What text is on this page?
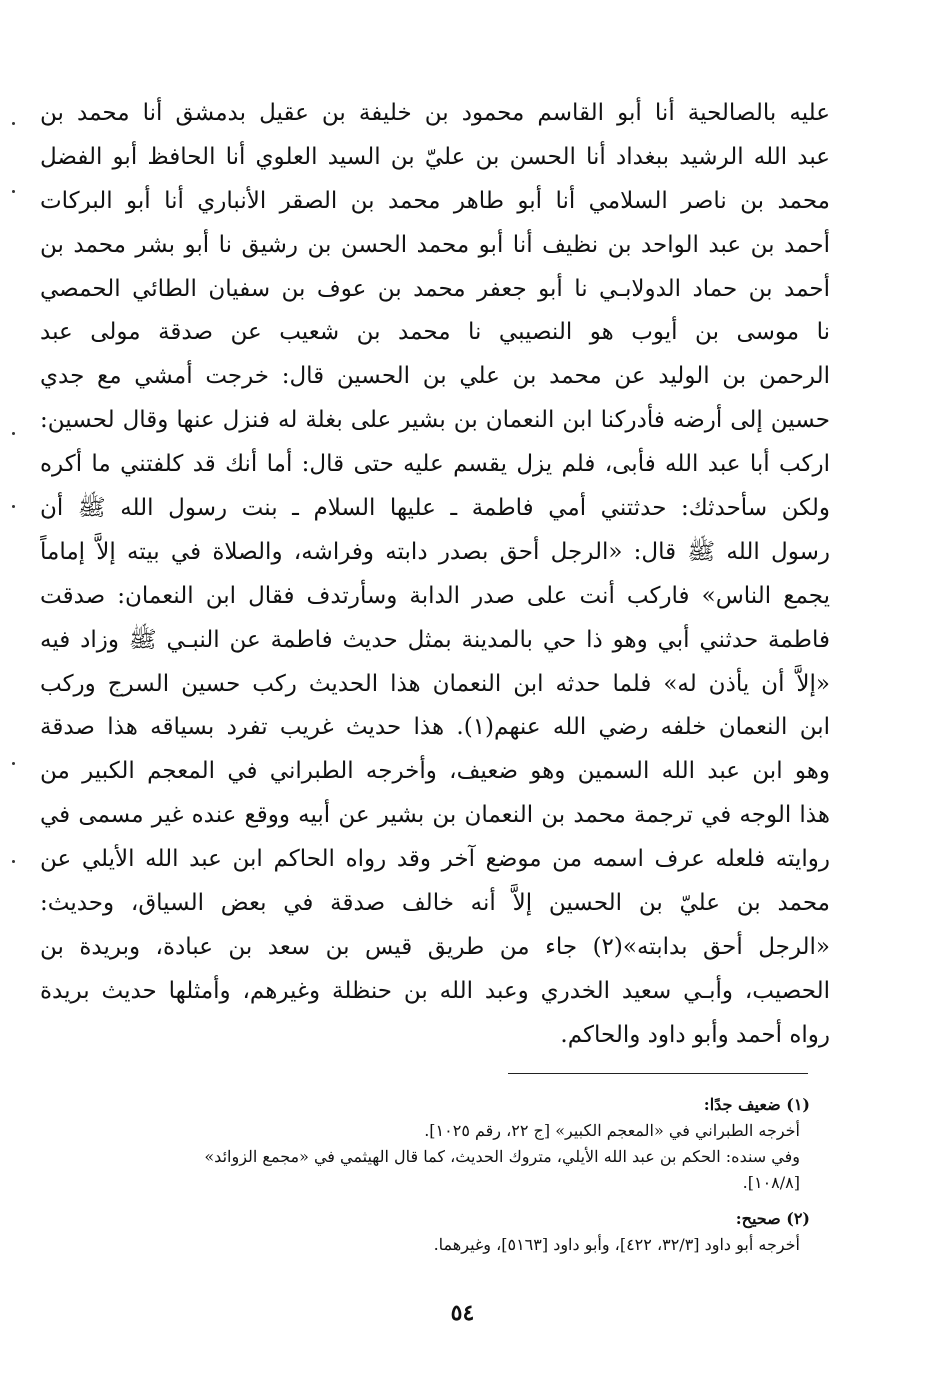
عليه بالصالحية أنا أبو القاسم محمود بن خليفة بن عقيل بدمشق أنا محمد بن
عبد الله الرشيد ببغداد أنا الحسن بن عليّ بن السيد العلوي أنا الحافظ أبو الفضل
محمد بن ناصر السلامي أنا أبو طاهر محمد بن الصقر الأنباري أنا أبو البركات
أحمد بن عبد الواحد بن نظيف أنا أبو محمد الحسن بن رشيق نا أبو بشر محمد بن
أحمد بن حماد الدولابـي نا أبو جعفر محمد بن عوف بن سفيان الطائي الحمصي
نا موسى بن أيوب هو النصيبي نا محمد بن شعيب عن صدقة مولى عبد
الرحمن بن الوليد عن محمد بن علي بن الحسين قال: خرجت أمشي مع جدي
حسين إلى أرضه فأدركنا ابن النعمان بن بشير على بغلة له فنزل عنها وقال لحسين:
اركب أبا عبد الله فأبى، فلم يزل يقسم عليه حتى قال: أما أنك قد كلفتني ما أكره
ولكن سأحدثك: حدثتني أمي فاطمة ـ عليها السلام ـ بنت رسول الله ﷺ أن
رسول الله ﷺ قال: «الرجل أحق بصدر دابته وفراشه، والصلاة في بيته إلاَّ إماماً
يجمع الناس» فاركب أنت على صدر الدابة وسأرتدف فقال ابن النعمان: صدقت
فاطمة حدثني أبي وهو ذا حي بالمدينة بمثل حديث فاطمة عن النبـي ﷺ وزاد فيه
«إلاَّ أن يأذن له» فلما حدثه ابن النعمان هذا الحديث ركب حسين السرج وركب
ابن النعمان خلفه رضي الله عنهم(١). هذا حديث غريب تفرد بسياقه هذا صدقة
وهو ابن عبد الله السمين وهو ضعيف، وأخرجه الطبراني في المعجم الكبير من
هذا الوجه في ترجمة محمد بن النعمان بن بشير عن أبيه ووقع عنده غير مسمى في
روايته فلعله عرف اسمه من موضع آخر وقد رواه الحاكم ابن عبد الله الأيلي عن
محمد بن عليّ بن الحسين إلاَّ أنه خالف صدقة في بعض السياق، وحديث:
«الرجل أحق بدابته»(٢) جاء من طريق قيس بن سعد بن عبادة، وبريدة بن
الحصيب، وأبـي سعيد الخدري وعبد الله بن حنظلة وغيرهم، وأمثلها حديث بريدة
رواه أحمد وأبو داود والحاكم.
(١) ضعيف جدًا:
أخرجه الطبراني في «المعجم الكبير» [ج ٢٢، رقم ١٠٢٥].
وفي سنده: الحكم بن عبد الله الأيلي، متروك الحديث، كما قال الهيثمي في «مجمع الزوائد»
[١٠٨/٨].
(٢) صحيح:
أخرجه أبو داود [٣٢/٣، ٤٢٢]، وأبو داود [٥١٦٣]، وغيرهما.
٥٤
